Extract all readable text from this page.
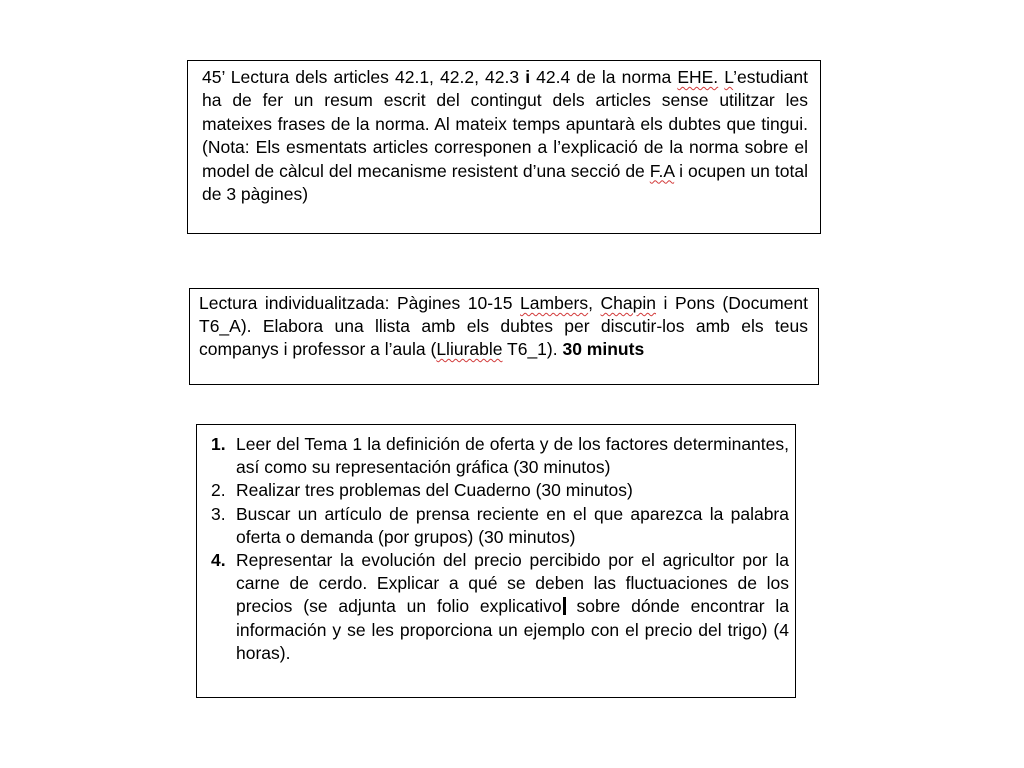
45’ Lectura dels articles 42.1, 42.2, 42.3 i 42.4 de la norma EHE. L’estudiant ha de fer un resum escrit del contingut dels articles sense utilitzar les mateixes frases de la norma. Al mateix temps apuntarà els dubtes que tingui. (Nota: Els esmentats articles corresponen a l’explicació de la norma sobre el model de càlcul del mecanisme resistent d’una secció de F.A i ocupen un total de 3 pàgines)
Lectura individualitzada: Pàgines 10-15 Lambers, Chapin i Pons (Document T6_A). Elabora una llista amb els dubtes per discutir-los amb els teus companys i professor a l’aula (Lliurable T6_1). 30 minuts
1. Leer del Tema 1 la definición de oferta y de los factores determinantes, así como su representación gráfica (30 minutos)
2. Realizar tres problemas del Cuaderno (30 minutos)
3. Buscar un artículo de prensa reciente en el que aparezca la palabra oferta o demanda (por grupos) (30 minutos)
4. Representar la evolución del precio percibido por el agricultor por la carne de cerdo. Explicar a qué se deben las fluctuaciones de los precios (se adjunta un folio explicativo sobre dónde encontrar la información y se les proporciona un ejemplo con el precio del trigo) (4 horas).
